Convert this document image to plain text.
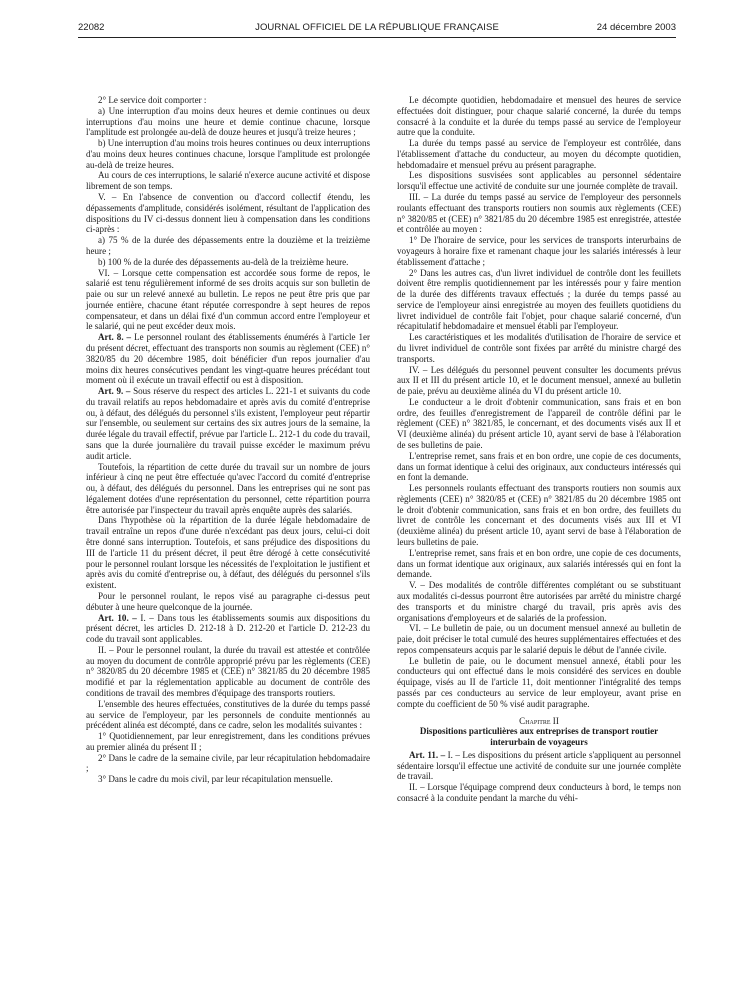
22082	JOURNAL OFFICIEL DE LA RÉPUBLIQUE FRANÇAISE	24 décembre 2003

2° Le service doit comporter :

a) Une interruption d'au moins deux heures et demie continues ou deux interruptions d'au moins une heure et demie continue chacune, lorsque l'amplitude est prolongée au-delà de douze heures et jusqu'à treize heures ;

b) Une interruption d'au moins trois heures continues ou deux interruptions d'au moins deux heures continues chacune, lorsque l'amplitude est prolongée au-delà de treize heures.

Au cours de ces interruptions, le salarié n'exerce aucune activité et dispose librement de son temps.

V. – En l'absence de convention ou d'accord collectif étendu, les dépassements d'amplitude, considérés isolément, résultant de l'application des dispositions du IV ci-dessus donnent lieu à compensation dans les conditions ci-après :

a) 75 % de la durée des dépassements entre la douzième et la treizième heure ;

b) 100 % de la durée des dépassements au-delà de la treizième heure.

VI. – Lorsque cette compensation est accordée sous forme de repos, le salarié est tenu régulièrement informé de ses droits acquis sur son bulletin de paie ou sur un relevé annexé au bulletin. Le repos ne peut être pris que par journée entière, chacune étant réputée correspondre à sept heures de repos compensateur, et dans un délai fixé d'un commun accord entre l'employeur et le salarié, qui ne peut excéder deux mois.

Art. 8. – Le personnel roulant des établissements énumérés à l'article 1er du présent décret, effectuant des transports non soumis au règlement (CEE) n° 3820/85 du 20 décembre 1985, doit bénéficier d'un repos journalier d'au moins dix heures consécutives pendant les vingt-quatre heures précédant tout moment où il exécute un travail effectif ou est à disposition.

Art. 9. – Sous réserve du respect des articles L. 221-1 et suivants du code du travail relatifs au repos hebdomadaire et après avis du comité d'entreprise ou, à défaut, des délégués du personnel s'ils existent, l'employeur peut répartir sur l'ensemble, ou seulement sur certains des six autres jours de la semaine, la durée légale du travail effectif, prévue par l'article L. 212-1 du code du travail, sans que la durée journalière du travail puisse excéder le maximum prévu audit article.

Toutefois, la répartition de cette durée du travail sur un nombre de jours inférieur à cinq ne peut être effectuée qu'avec l'accord du comité d'entreprise ou, à défaut, des délégués du personnel. Dans les entreprises qui ne sont pas légalement dotées d'une représentation du personnel, cette répartition pourra être autorisée par l'inspecteur du travail après enquête auprès des salariés.

Dans l'hypothèse où la répartition de la durée légale hebdomadaire de travail entraîne un repos d'une durée n'excédant pas deux jours, celui-ci doit être donné sans interruption. Toutefois, et sans préjudice des dispositions du III de l'article 11 du présent décret, il peut être dérogé à cette consécutivité pour le personnel roulant lorsque les nécessités de l'exploitation le justifient et après avis du comité d'entreprise ou, à défaut, des délégués du personnel s'ils existent.

Pour le personnel roulant, le repos visé au paragraphe ci-dessus peut débuter à une heure quelconque de la journée.

Art. 10. – I. – Dans tous les établissements soumis aux dispositions du présent décret, les articles D. 212-18 à D. 212-20 et l'article D. 212-23 du code du travail sont applicables.

II. – Pour le personnel roulant, la durée du travail est attestée et contrôlée au moyen du document de contrôle approprié prévu par les règlements (CEE) n° 3820/85 du 20 décembre 1985 et (CEE) n° 3821/85 du 20 décembre 1985 modifié et par la réglementation applicable au document de contrôle des conditions de travail des membres d'équipage des transports routiers.

L'ensemble des heures effectuées, constitutives de la durée du temps passé au service de l'employeur, par les personnels de conduite mentionnés au précédent alinéa est décompté, dans ce cadre, selon les modalités suivantes :

1° Quotidiennement, par leur enregistrement, dans les conditions prévues au premier alinéa du présent II ;

2° Dans le cadre de la semaine civile, par leur récapitulation hebdomadaire ;

3° Dans le cadre du mois civil, par leur récapitulation mensuelle.

Le décompte quotidien, hebdomadaire et mensuel des heures de service effectuées doit distinguer, pour chaque salarié concerné, la durée du temps consacré à la conduite et la durée du temps passé au service de l'employeur autre que la conduite.

La durée du temps passé au service de l'employeur est contrôlée, dans l'établissement d'attache du conducteur, au moyen du décompte quotidien, hebdomadaire et mensuel prévu au présent paragraphe.

Les dispositions susvisées sont applicables au personnel sédentaire lorsqu'il effectue une activité de conduite sur une journée complète de travail.

III. – La durée du temps passé au service de l'employeur des personnels roulants effectuant des transports routiers non soumis aux règlements (CEE) n° 3820/85 et (CEE) n° 3821/85 du 20 décembre 1985 est enregistrée, attestée et contrôlée au moyen :

1° De l'horaire de service, pour les services de transports interurbains de voyageurs à horaire fixe et ramenant chaque jour les salariés intéressés à leur établissement d'attache ;

2° Dans les autres cas, d'un livret individuel de contrôle dont les feuillets doivent être remplis quotidiennement par les intéressés pour y faire mention de la durée des différents travaux effectués ; la durée du temps passé au service de l'employeur ainsi enregistrée au moyen des feuillets quotidiens du livret individuel de contrôle fait l'objet, pour chaque salarié concerné, d'un récapitulatif hebdomadaire et mensuel établi par l'employeur.

Les caractéristiques et les modalités d'utilisation de l'horaire de service et du livret individuel de contrôle sont fixées par arrêté du ministre chargé des transports.

IV. – Les délégués du personnel peuvent consulter les documents prévus aux II et III du présent article 10, et le document mensuel, annexé au bulletin de paie, prévu au deuxième alinéa du VI du présent article 10.

Le conducteur a le droit d'obtenir communication, sans frais et en bon ordre, des feuilles d'enregistrement de l'appareil de contrôle défini par le règlement (CEE) n° 3821/85, le concernant, et des documents visés aux II et VI (deuxième alinéa) du présent article 10, ayant servi de base à l'élaboration de ses bulletins de paie.

L'entreprise remet, sans frais et en bon ordre, une copie de ces documents, dans un format identique à celui des originaux, aux conducteurs intéressés qui en font la demande.

Les personnels roulants effectuant des transports routiers non soumis aux règlements (CEE) n° 3820/85 et (CEE) n° 3821/85 du 20 décembre 1985 ont le droit d'obtenir communication, sans frais et en bon ordre, des feuillets du livret de contrôle les concernant et des documents visés aux III et VI (deuxième alinéa) du présent article 10, ayant servi de base à l'élaboration de leurs bulletins de paie.

L'entreprise remet, sans frais et en bon ordre, une copie de ces documents, dans un format identique aux originaux, aux salariés intéressés qui en font la demande.

V. – Des modalités de contrôle différentes complétant ou se substituant aux modalités ci-dessus pourront être autorisées par arrêté du ministre chargé des transports et du ministre chargé du travail, pris après avis des organisations d'employeurs et de salariés de la profession.

VI. – Le bulletin de paie, ou un document mensuel annexé au bulletin de paie, doit préciser le total cumulé des heures supplémentaires effectuées et des repos compensateurs acquis par le salarié depuis le début de l'année civile.

Le bulletin de paie, ou le document mensuel annexé, établi pour les conducteurs qui ont effectué dans le mois considéré des services en double équipage, visés au II de l'article 11, doit mentionner l'intégralité des temps passés par ces conducteurs au service de leur employeur, avant prise en compte du coefficient de 50 % visé audit paragraphe.

Chapitre II

Dispositions particulières aux entreprises de transport routier interurbain de voyageurs

Art. 11. – I. – Les dispositions du présent article s'appliquent au personnel sédentaire lorsqu'il effectue une activité de conduite sur une journée complète de travail.

II. – Lorsque l'équipage comprend deux conducteurs à bord, le temps non consacré à la conduite pendant la marche du véhi-
